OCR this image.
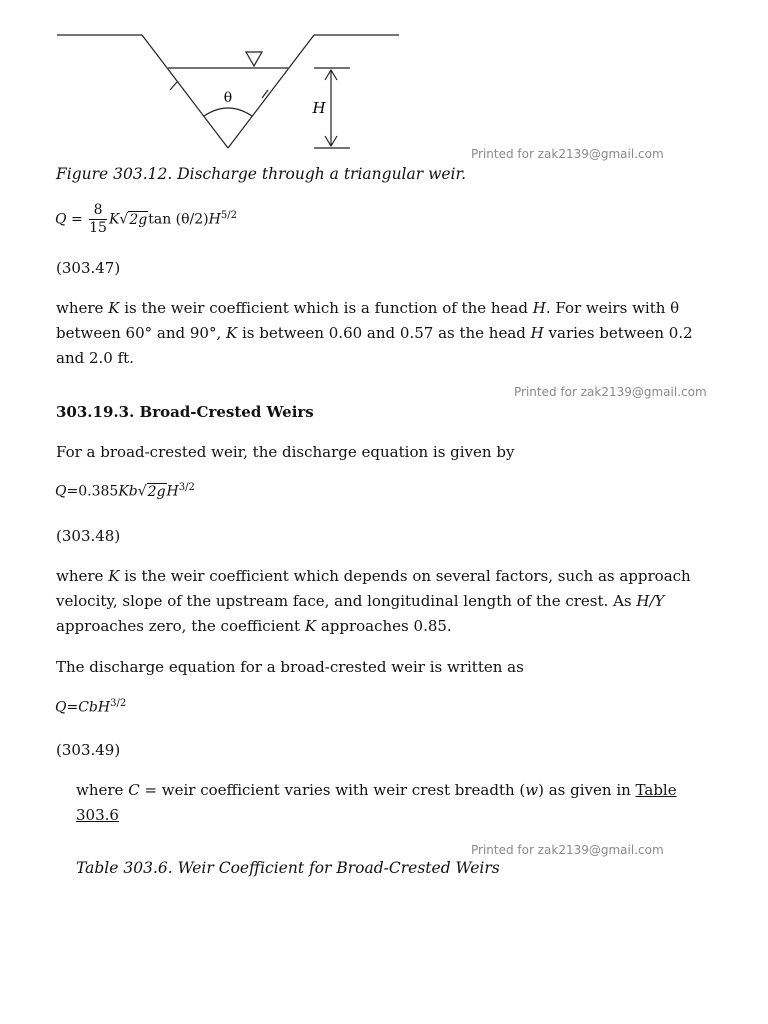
θ
H
Printed for zak2139@gmail.com
Figure 303.12. Discharge through a triangular weir.
$Q = \frac{8}{15} K√2gtan$ $(\theta/2)H^{5/2}$
(303.47)
where K is the weir coefficient which is a function of the head H. For weirs with θ between 60° and 90°, K is between 0.60 and 0.57 as the head H varies between 0.2 and 2.0 ft.
Printed for zak2139@gmail.com
303.19.3. Broad-Crested Weirs
For a broad-crested weir, the discharge equation is given by
$Q=0.385Kb√2gH^{3/2}$
(303.48)
where K is the weir coefficient which depends on several factors, such as approach velocity, slope of the upstream face, and longitudinal length of the crest. As H/Y approaches zero, the coefficient K approaches 0.85.
The discharge equation for a broad-crested weir is written as
Q=CbH$^{3/2}$
(303.49)
where C = weir coefficient varies with weir crest breadth (w) as given in Table 303.6
Printed for zak2139@gmail.com
Table 303.6. Weir Coefficient for Broad-Crested Weirs
